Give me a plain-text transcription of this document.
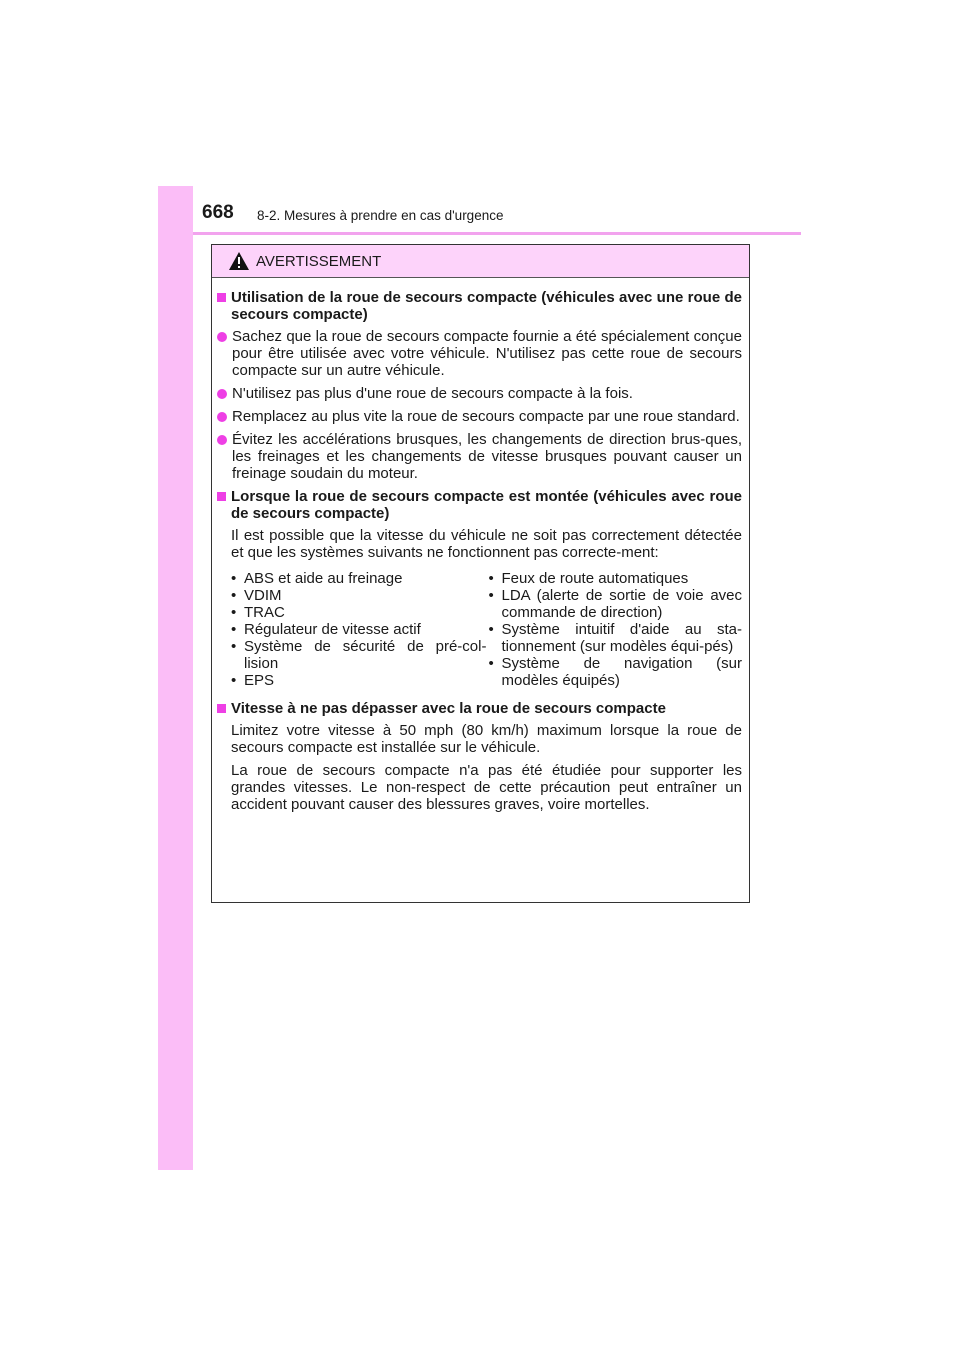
668 8-2. Mesures à prendre en cas d'urgence
AVERTISSEMENT
Utilisation de la roue de secours compacte (véhicules avec une roue de secours compacte)
Sachez que la roue de secours compacte fournie a été spécialement conçue pour être utilisée avec votre véhicule. N'utilisez pas cette roue de secours compacte sur un autre véhicule.
N'utilisez pas plus d'une roue de secours compacte à la fois.
Remplacez au plus vite la roue de secours compacte par une roue standard.
Évitez les accélérations brusques, les changements de direction brus-ques, les freinages et les changements de vitesse brusques pouvant causer un freinage soudain du moteur.
Lorsque la roue de secours compacte est montée (véhicules avec roue de secours compacte)
Il est possible que la vitesse du véhicule ne soit pas correctement détectée et que les systèmes suivants ne fonctionnent pas correcte-ment:
• ABS et aide au freinage
• VDIM
• TRAC
• Régulateur de vitesse actif
• Système de sécurité de pré-col-lision
• EPS
• Feux de route automatiques
• LDA (alerte de sortie de voie avec commande de direction)
• Système intuitif d'aide au sta-tionnement (sur modèles équi-pés)
• Système de navigation (sur modèles équipés)
Vitesse à ne pas dépasser avec la roue de secours compacte
Limitez votre vitesse à 50 mph (80 km/h) maximum lorsque la roue de secours compacte est installée sur le véhicule.
La roue de secours compacte n'a pas été étudiée pour supporter les grandes vitesses. Le non-respect de cette précaution peut entraîner un accident pouvant causer des blessures graves, voire mortelles.
